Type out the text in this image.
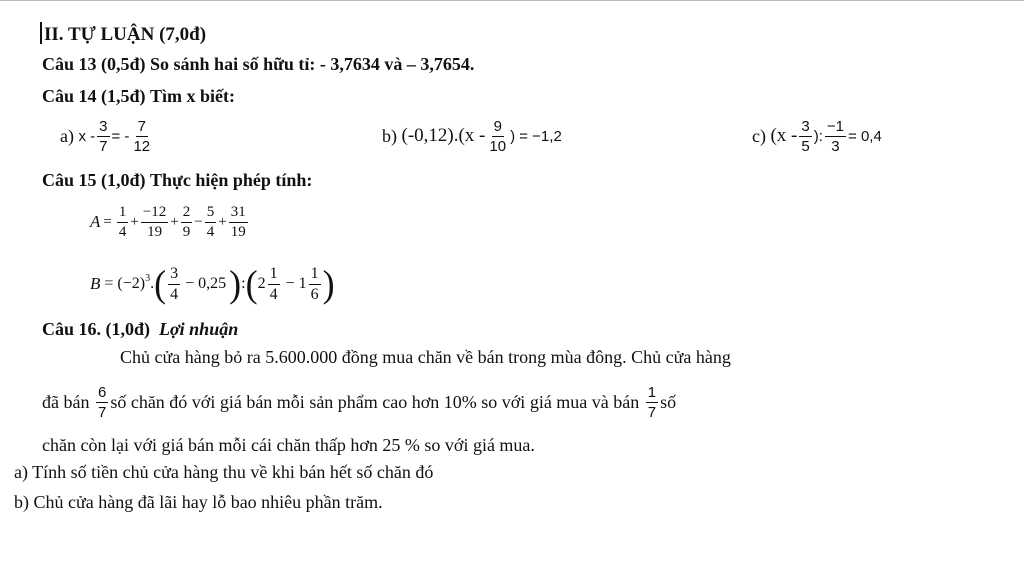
II. TỰ LUẬN (7,0đ)
Câu 13 (0,5đ) So sánh hai số hữu tỉ: - 3,7634 và – 3,7654.
Câu 14 (1,5đ) Tìm x biết:
a)
x - $\frac{3}{7}$ = - $\frac{7}{12}$	b)
$(-0,12).(x - \frac{9}{10}$ ) = −1,2	c)
($x - \frac{3}{5}$ ): $\frac{-1}{3} = 0,4$
Câu 15 (1,0đ) Thực hiện phép tính:
$A = \frac{1}{4} + \frac{-12}{19} + \frac{2}{9} - \frac{5}{4} + \frac{31}{19}$
B
= $(-2)^3$ . ( $\frac{3}{4} - 0,25$ ) : ( $2 \frac{1}{4} - 1 \frac{1}{6}$ )
Câu 16. (1,0đ) Lợi nhuận
Chủ cửa hàng bỏ ra 5.600.000 đồng mua chăn về bán trong mùa đông. Chủ cửa hàng
đã bán
$\frac{6}{7}$ số chăn đó với giá bán mỗi sản phẩm cao hơn 10% so với giá mua và bán
$\frac{1}{7}$ số
chăn còn lại với giá bán mỗi cái chăn thấp hơn 25 % so với giá mua.
a) Tính số tiền chủ cửa hàng thu về khi bán hết số chăn đó
b) Chủ cửa hàng đã lãi hay lỗ bao nhiêu phần trăm.
